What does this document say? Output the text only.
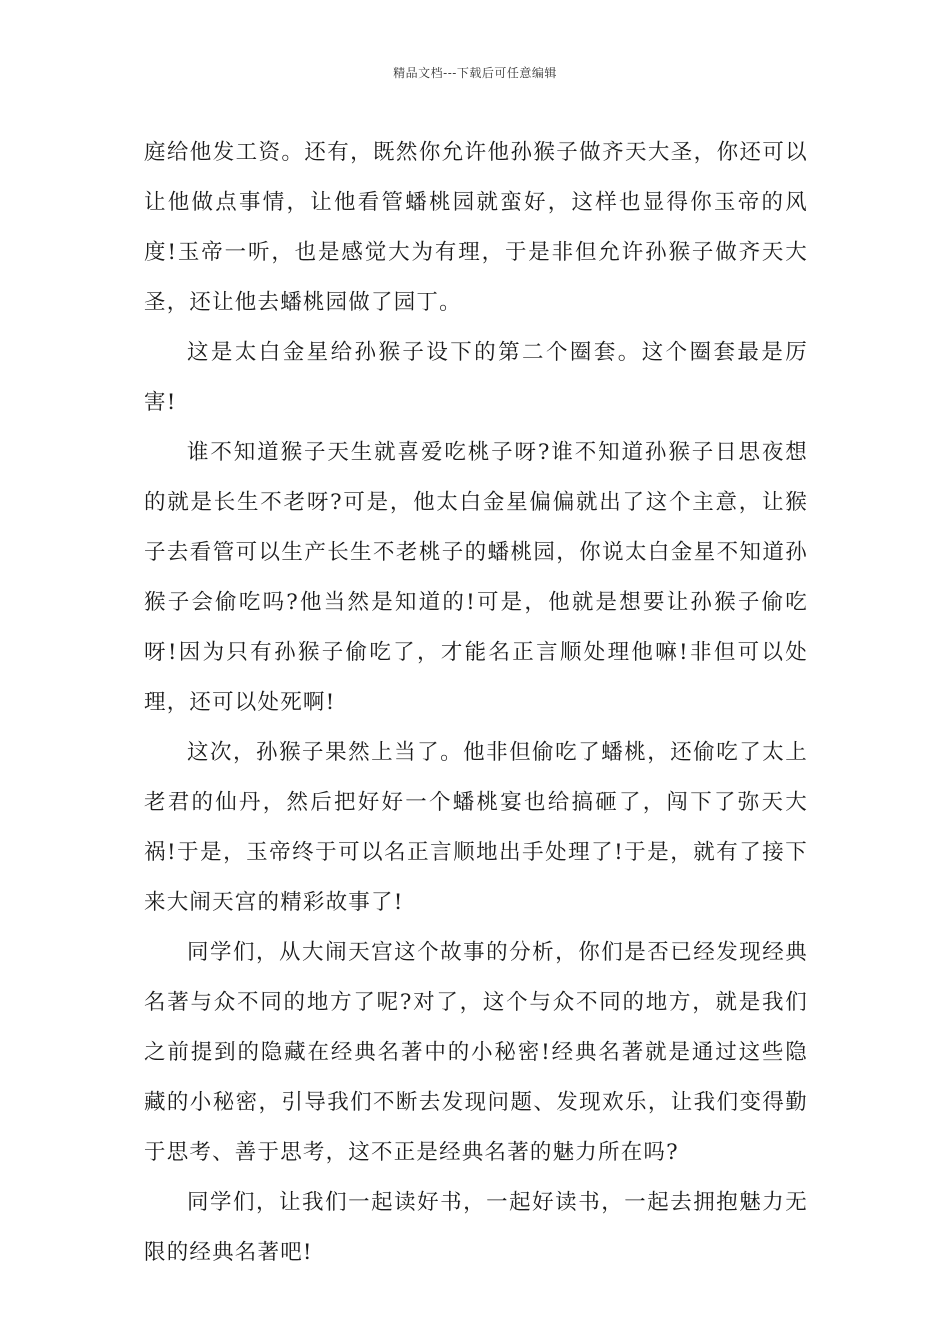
精品文档---下载后可任意编辑

庭给他发工资。还有，既然你允许他孙猴子做齐天大圣，你还可以让他做点事情，让他看管蟠桃园就蛮好，这样也显得你玉帝的风度!玉帝一听，也是感觉大为有理，于是非但允许孙猴子做齐天大圣，还让他去蟠桃园做了园丁。

这是太白金星给孙猴子设下的第二个圈套。这个圈套最是厉害!

谁不知道猴子天生就喜爱吃桃子呀?谁不知道孙猴子日思夜想的就是长生不老呀?可是，他太白金星偏偏就出了这个主意，让猴子去看管可以生产长生不老桃子的蟠桃园，你说太白金星不知道孙猴子会偷吃吗?他当然是知道的!可是，他就是想要让孙猴子偷吃呀!因为只有孙猴子偷吃了，才能名正言顺处理他嘛!非但可以处理，还可以处死啊!

这次，孙猴子果然上当了。他非但偷吃了蟠桃，还偷吃了太上老君的仙丹，然后把好好一个蟠桃宴也给搞砸了，闯下了弥天大祸!于是，玉帝终于可以名正言顺地出手处理了!于是，就有了接下来大闹天宫的精彩故事了!

同学们，从大闹天宫这个故事的分析，你们是否已经发现经典名著与众不同的地方了呢?对了，这个与众不同的地方，就是我们之前提到的隐藏在经典名著中的小秘密!经典名著就是通过这些隐藏的小秘密，引导我们不断去发现问题、发现欢乐，让我们变得勤于思考、善于思考，这不正是经典名著的魅力所在吗?

同学们，让我们一起读好书，一起好读书，一起去拥抱魅力无限的经典名著吧!
